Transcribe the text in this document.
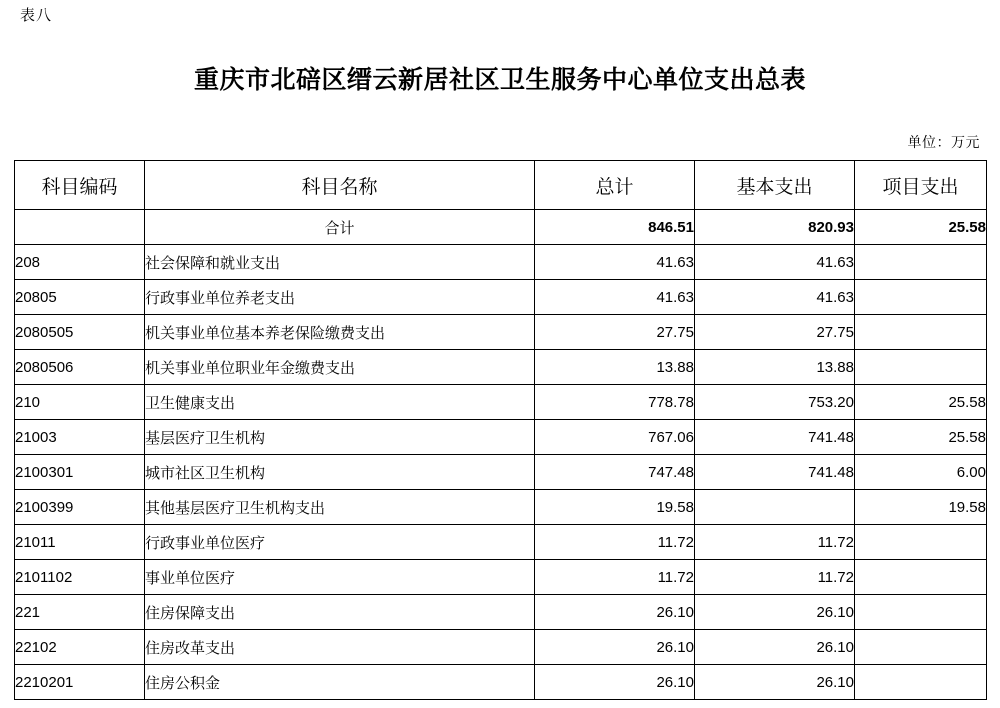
表八
重庆市北碚区缙云新居社区卫生服务中心单位支出总表
单位：万元
科目编码	科目名称	总计	基本支出	项目支出
	合计	846.51	820.93	25.58
208	社会保障和就业支出	41.63	41.63	
20805	行政事业单位养老支出	41.63	41.63	
2080505	机关事业单位基本养老保险缴费支出	27.75	27.75	
2080506	机关事业单位职业年金缴费支出	13.88	13.88	
210	卫生健康支出	778.78	753.20	25.58
21003	基层医疗卫生机构	767.06	741.48	25.58
2100301	城市社区卫生机构	747.48	741.48	6.00
2100399	其他基层医疗卫生机构支出	19.58		19.58
21011	行政事业单位医疗	11.72	11.72	
2101102	事业单位医疗	11.72	11.72	
221	住房保障支出	26.10	26.10	
22102	住房改革支出	26.10	26.10	
2210201	住房公积金	26.10	26.10	
